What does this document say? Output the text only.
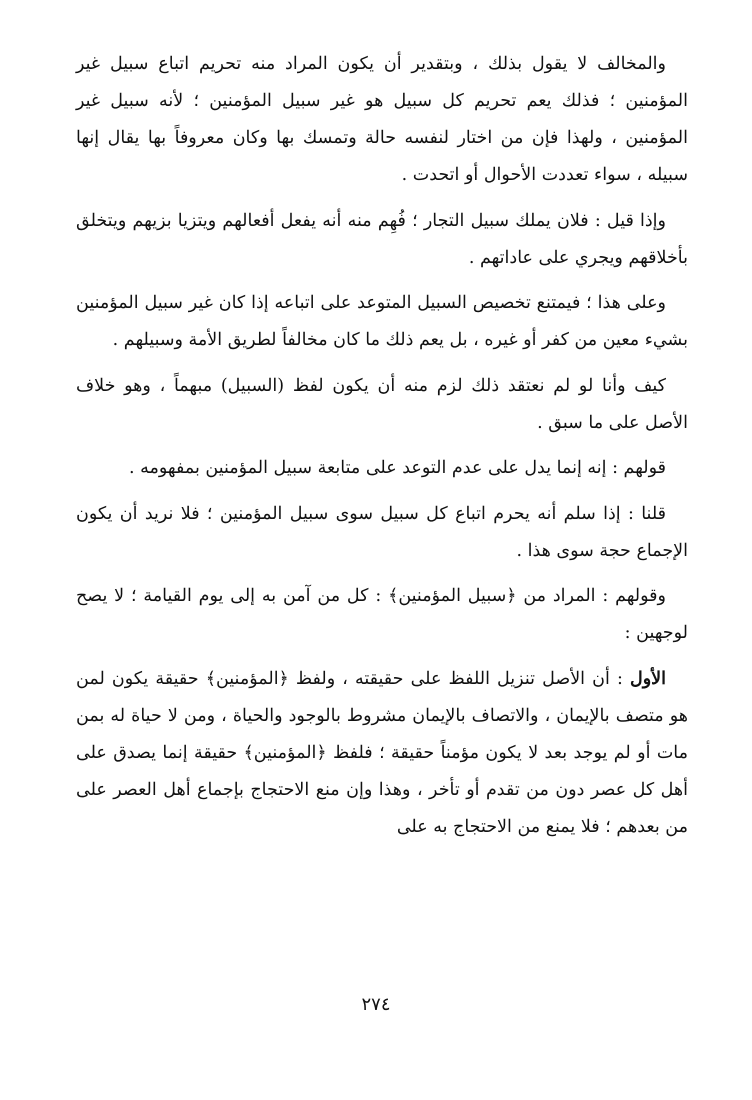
والمخالف لا يقول بذلك ، وبتقدير أن يكون المراد منه تحريم اتباع سبيل غير المؤمنين ؛ فذلك يعم تحريم كل سبيل هو غير سبيل المؤمنين ؛ لأنه سبيل غير المؤمنين ، ولهذا فإن من اختار لنفسه حالة وتمسك بها وكان معروفاً بها يقال إنها سبيله ، سواء تعددت الأحوال أو اتحدت .

وإذا قيل : فلان يملك سبيل التجار ؛ فُهِم منه أنه يفعل أفعالهم ويتزيا بزيهم ويتخلق بأخلاقهم ويجري على عاداتهم .

وعلى هذا ؛ فيمتنع تخصيص السبيل المتوعد على اتباعه إذا كان غير سبيل المؤمنين بشيء معين من كفر أو غيره ، بل يعم ذلك ما كان مخالفاً لطريق الأمة وسبيلهم .

كيف وأنا لو لم نعتقد ذلك لزم منه أن يكون لفظ (السبيل) مبهماً ، وهو خلاف الأصل على ما سبق .

قولهم : إنه إنما يدل على عدم التوعد على متابعة سبيل المؤمنين بمفهومه .

قلنا : إذا سلم أنه يحرم اتباع كل سبيل سوى سبيل المؤمنين ؛ فلا نريد أن يكون الإجماع حجة سوى هذا .

وقولهم : المراد من ﴿سبيل المؤمنين﴾ : كل من آمن به إلى يوم القيامة ؛ لا يصح لوجهين :

الأول : أن الأصل تنزيل اللفظ على حقيقته ، ولفظ ﴿المؤمنين﴾ حقيقة يكون لمن هو متصف بالإيمان ، والاتصاف بالإيمان مشروط بالوجود والحياة ، ومن لا حياة له بمن مات أو لم يوجد بعد لا يكون مؤمناً حقيقة ؛ فلفظ ﴿المؤمنين﴾ حقيقة إنما يصدق على أهل كل عصر دون من تقدم أو تأخر ، وهذا وإن منع الاحتجاج بإجماع أهل العصر على من بعدهم ؛ فلا يمنع من الاحتجاج به على

٢٧٤
